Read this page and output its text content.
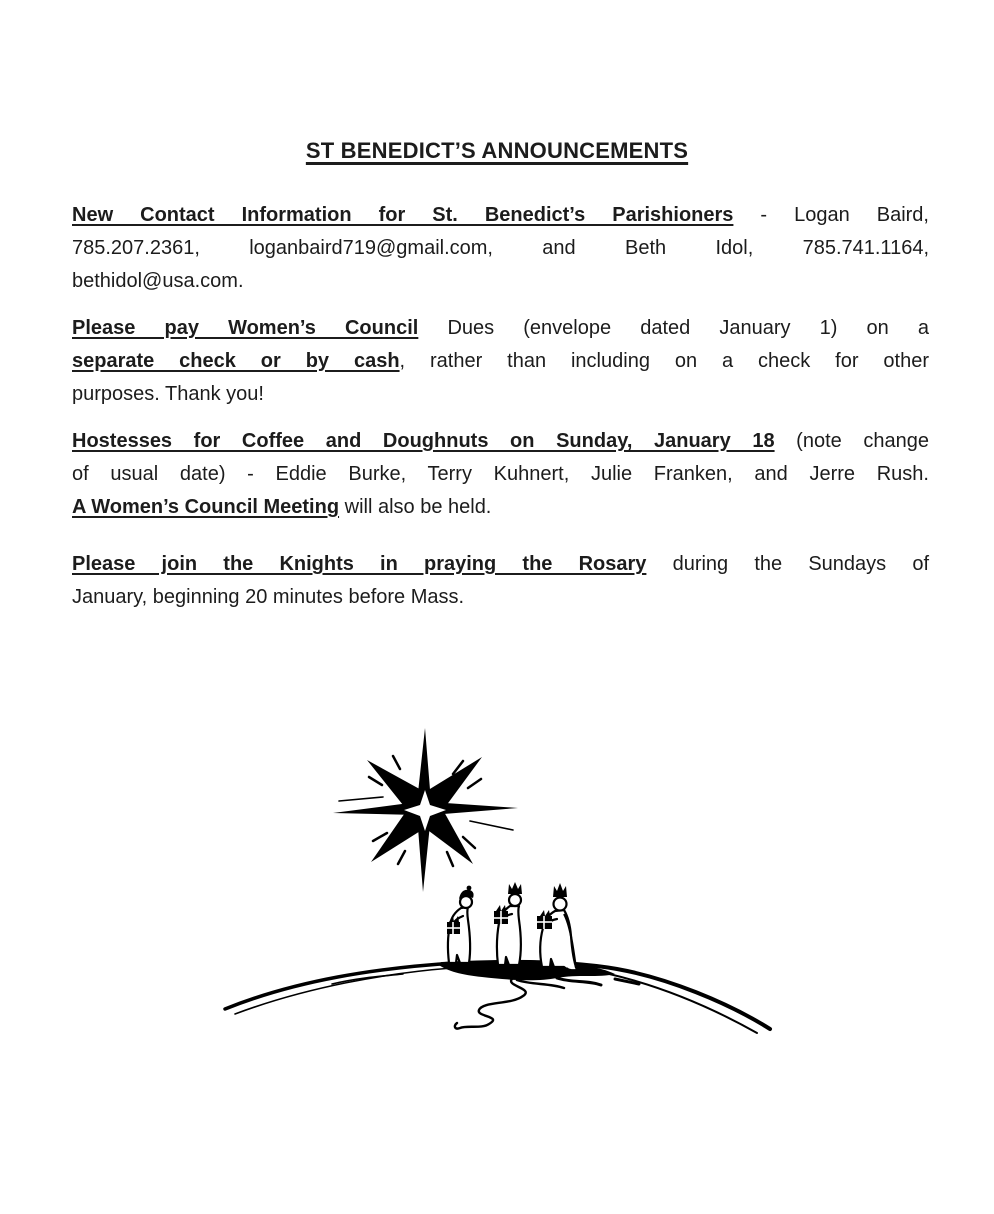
ST BENEDICT’S ANNOUNCEMENTS
New Contact Information for St. Benedict’s Parishioners - Logan Baird,
785.207.2361, loganbaird719@gmail.com, and Beth Idol, 785.741.1164,
bethidol@usa.com.
Please pay Women’s Council Dues (envelope dated January 1) on a
separate check or by cash, rather than including on a check for other
purposes. Thank you!
Hostesses for Coffee and Doughnuts on Sunday, January 18 (note change
of usual date) - Eddie Burke, Terry Kuhnert, Julie Franken, and Jerre Rush.
A Women’s Council Meeting will also be held.
Please join the Knights in praying the Rosary during the Sundays of
January, beginning 20 minutes before Mass.
